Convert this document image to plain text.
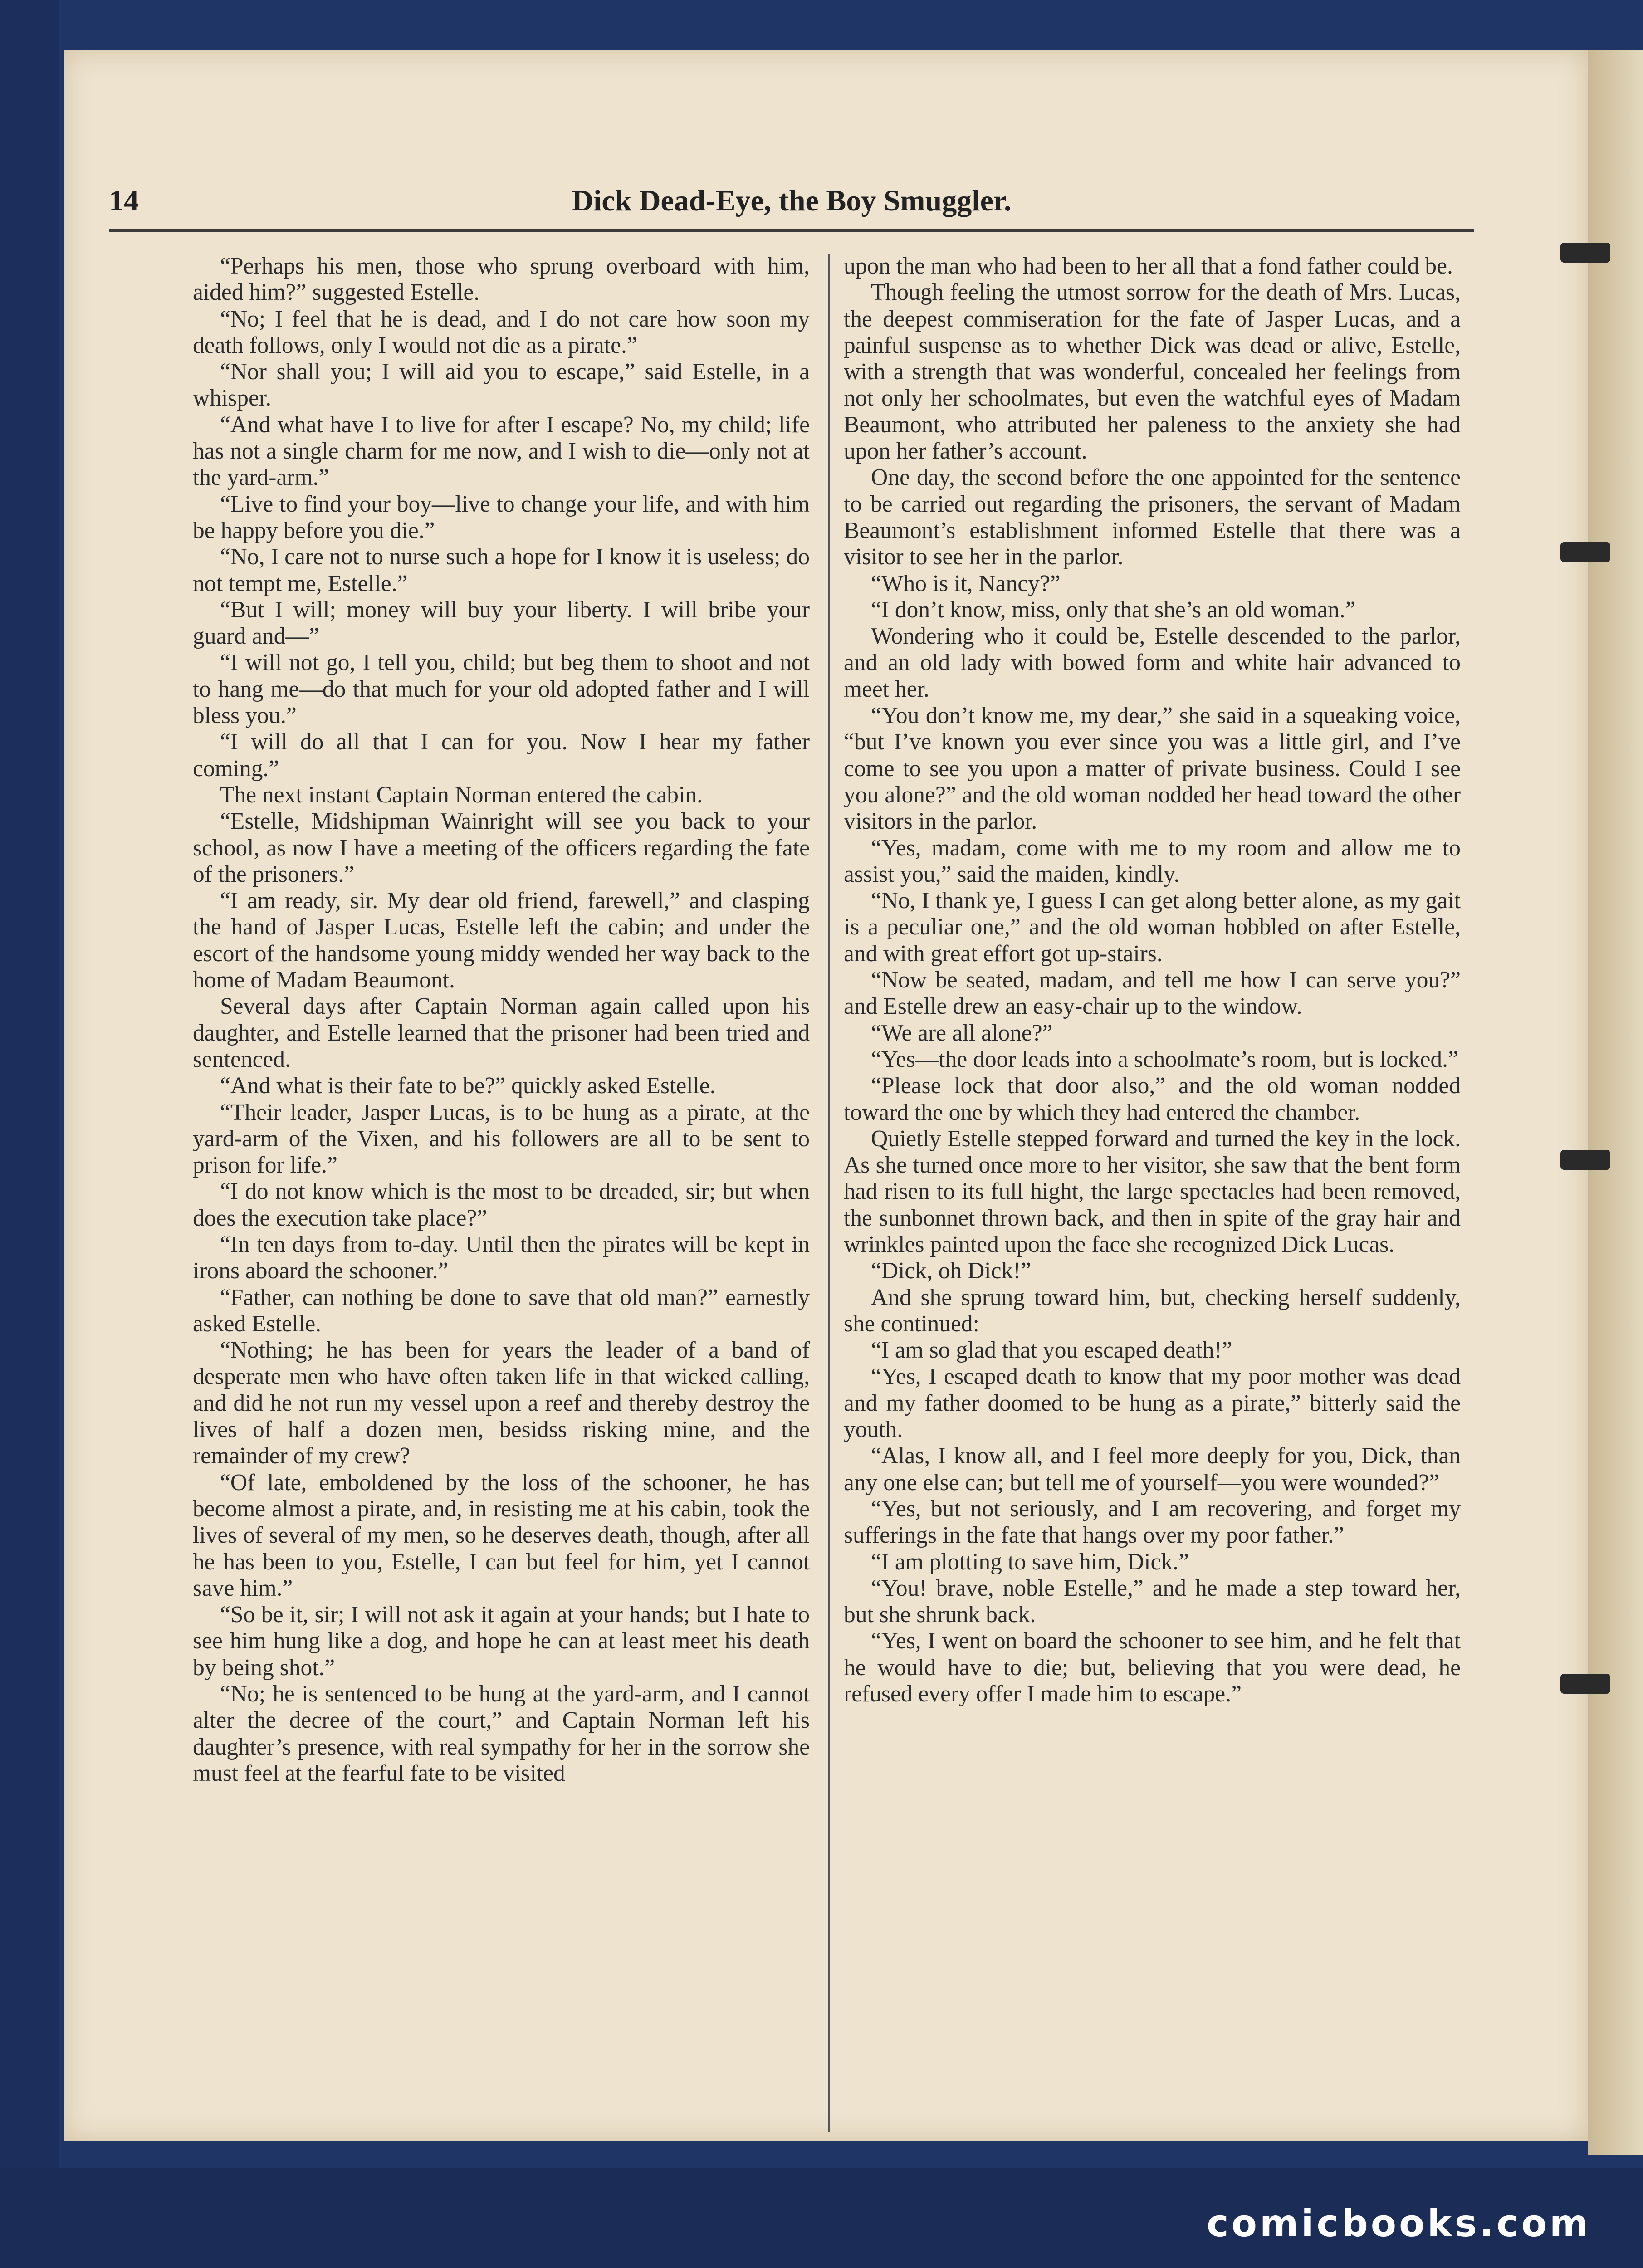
Dick Dead-Eye, the Boy Smuggler.
14

“Perhaps his men, those who sprung overboard with him, aided him?” suggested Estelle.

“No; I feel that he is dead, and I do not care how soon my death follows, only I would not die as a pirate.”

“Nor shall you; I will aid you to escape,” said Estelle, in a whisper.

“And what have I to live for after I escape? No, my child; life has not a single charm for me now, and I wish to die—only not at the yard-arm.”

“Live to find your boy—live to change your life, and with him be happy before you die.”

“No, I care not to nurse such a hope for I know it is useless; do not tempt me, Estelle.”

“But I will; money will buy your liberty. I will bribe your guard and—”

“I will not go, I tell you, child; but beg them to shoot and not to hang me—do that much for your old adopted father and I will bless you.”

“I will do all that I can for you. Now I hear my father coming.”

The next instant Captain Norman entered the cabin.

“Estelle, Midshipman Wainright will see you back to your school, as now I have a meeting of the officers regarding the fate of the prisoners.”

“I am ready, sir. My dear old friend, farewell,” and clasping the hand of Jasper Lucas, Estelle left the cabin; and under the escort of the handsome young middy wended her way back to the home of Madam Beaumont.

Several days after Captain Norman again called upon his daughter, and Estelle learned that the prisoner had been tried and sentenced.

“And what is their fate to be?” quickly asked Estelle.

“Their leader, Jasper Lucas, is to be hung as a pirate, at the yard-arm of the Vixen, and his followers are all to be sent to prison for life.”

“I do not know which is the most to be dreaded, sir; but when does the execution take place?”

“In ten days from to-day. Until then the pirates will be kept in irons aboard the schooner.”

“Father, can nothing be done to save that old man?” earnestly asked Estelle.

“Nothing; he has been for years the leader of a band of desperate men who have often taken life in that wicked calling, and did he not run my vessel upon a reef and thereby destroy the lives of half a dozen men, besidss risking mine, and the remainder of my crew?

“Of late, emboldened by the loss of the schooner, he has become almost a pirate, and, in resisting me at his cabin, took the lives of several of my men, so he deserves death, though, after all he has been to you, Estelle, I can but feel for him, yet I cannot save him.”

“So be it, sir; I will not ask it again at your hands; but I hate to see him hung like a dog, and hope he can at least meet his death by being shot.”

“No; he is sentenced to be hung at the yard-arm, and I cannot alter the decree of the court,” and Captain Norman left his daughter’s presence, with real sympathy for her in the sorrow she must feel at the fearful fate to be visited

upon the man who had been to her all that a fond father could be.

Though feeling the utmost sorrow for the death of Mrs. Lucas, the deepest commiseration for the fate of Jasper Lucas, and a painful suspense as to whether Dick was dead or alive, Estelle, with a strength that was wonderful, concealed her feelings from not only her schoolmates, but even the watchful eyes of Madam Beaumont, who attributed her paleness to the anxiety she had upon her father’s account.

One day, the second before the one appointed for the sentence to be carried out regarding the prisoners, the servant of Madam Beaumont’s establishment informed Estelle that there was a visitor to see her in the parlor.

“Who is it, Nancy?”

“I don’t know, miss, only that she’s an old woman.”

Wondering who it could be, Estelle descended to the parlor, and an old lady with bowed form and white hair advanced to meet her.

“You don’t know me, my dear,” she said in a squeaking voice, “but I’ve known you ever since you was a little girl, and I’ve come to see you upon a matter of private business. Could I see you alone?” and the old woman nodded her head toward the other visitors in the parlor.

“Yes, madam, come with me to my room and allow me to assist you,” said the maiden, kindly.

“No, I thank ye, I guess I can get along better alone, as my gait is a peculiar one,” and the old woman hobbled on after Estelle, and with great effort got up-stairs.

“Now be seated, madam, and tell me how I can serve you?” and Estelle drew an easy-chair up to the window.

“We are all alone?”

“Yes—the door leads into a schoolmate’s room, but is locked.”

“Please lock that door also,” and the old woman nodded toward the one by which they had entered the chamber.

Quietly Estelle stepped forward and turned the key in the lock. As she turned once more to her visitor, she saw that the bent form had risen to its full hight, the large spectacles had been removed, the sunbonnet thrown back, and then in spite of the gray hair and wrinkles painted upon the face she recognized Dick Lucas.

“Dick, oh Dick!”

And she sprung toward him, but, checking herself suddenly, she continued:

“I am so glad that you escaped death!”

“Yes, I escaped death to know that my poor mother was dead and my father doomed to be hung as a pirate,” bitterly said the youth.

“Alas, I know all, and I feel more deeply for you, Dick, than any one else can; but tell me of yourself—you were wounded?”

“Yes, but not seriously, and I am recovering, and forget my sufferings in the fate that hangs over my poor father.”

“I am plotting to save him, Dick.”

“You! brave, noble Estelle,” and he made a step toward her, but she shrunk back.

“Yes, I went on board the schooner to see him, and he felt that he would have to die; but, believing that you were dead, he refused every offer I made him to escape.”

comicbooks.com
